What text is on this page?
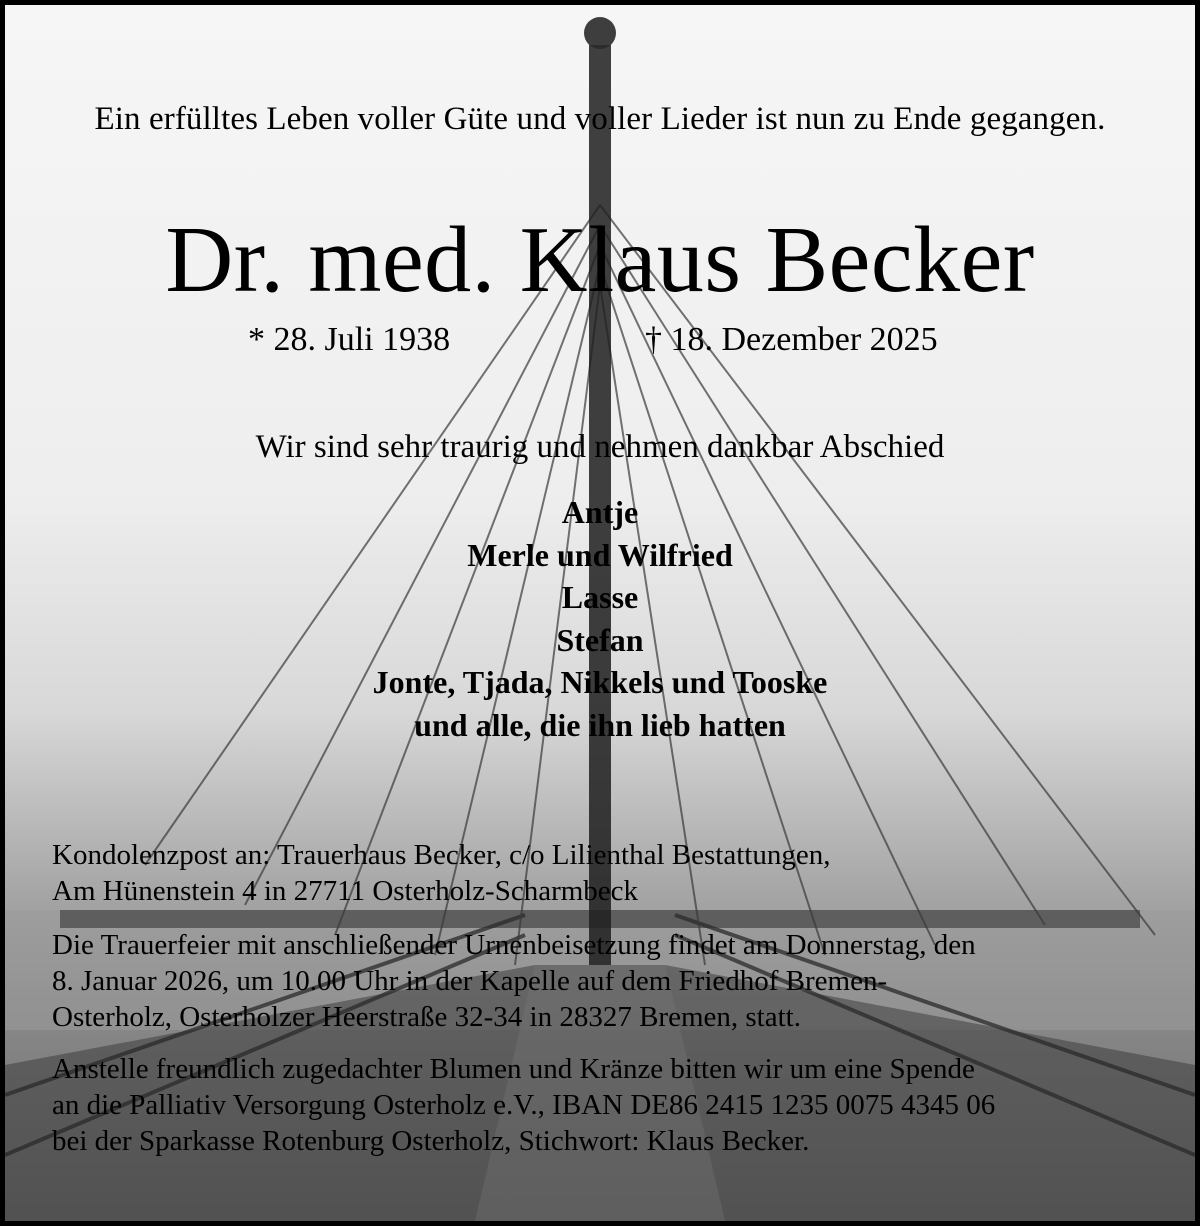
Ein erfülltes Leben voller Güte und voller Lieder ist nun zu Ende gegangen.

Dr. med. Klaus Becker

* 28. Juli 1938	† 18. Dezember 2025

Wir sind sehr traurig und nehmen dankbar Abschied

Antje
Merle und Wilfried
Lasse
Stefan
Jonte, Tjada, Nikkels und Tooske
und alle, die ihn lieb hatten
Kondolenzpost an: Trauerhaus Becker, c/o Lilienthal Bestattungen,
Am Hünenstein 4 in 27711 Osterholz-Scharmbeck
Die Trauerfeier mit anschließender Urnenbeisetzung findet am Donnerstag, den
8. Januar 2026, um 10.00 Uhr in der Kapelle auf dem Friedhof Bremen-
Osterholz, Osterholzer Heerstraße 32-34 in 28327 Bremen, statt.
Anstelle freundlich zugedachter Blumen und Kränze bitten wir um eine Spende
an die Palliativ Versorgung Osterholz e.V., IBAN DE86 2415 1235 0075 4345 06
bei der Sparkasse Rotenburg Osterholz, Stichwort: Klaus Becker.
